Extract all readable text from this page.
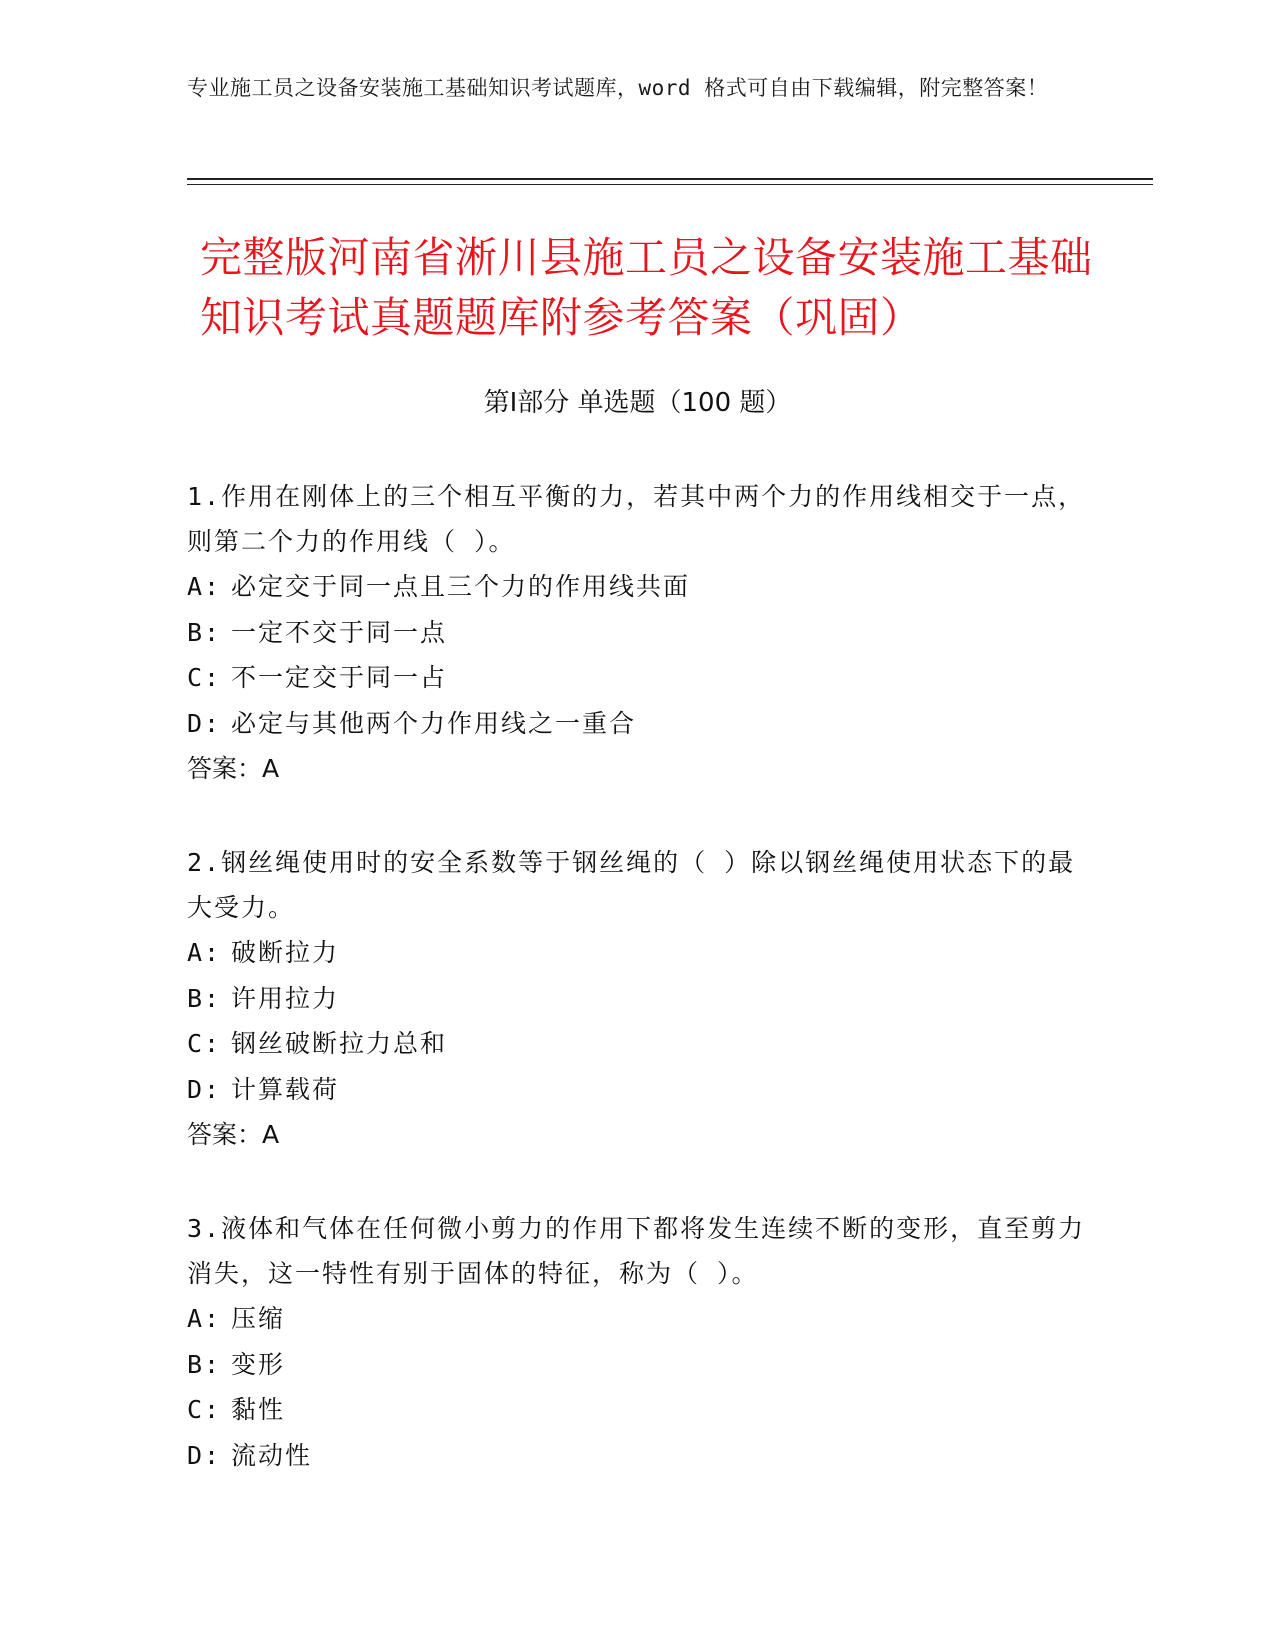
专业施工员之设备安装施工基础知识考试题库，word 格式可自由下载编辑，附完整答案！
完整版河南省淅川县施工员之设备安装施工基础知识考试真题题库附参考答案（巩固）
第Ⅰ部分 单选题（100 题）

1.作用在刚体上的三个相互平衡的力，若其中两个力的作用线相交于一点，则第二个力的作用线（ ）。

A: 必定交于同一点且三个力的作用线共面

B: 一定不交于同一点

C: 不一定交于同一占

D: 必定与其他两个力作用线之一重合

答案：A

2.钢丝绳使用时的安全系数等于钢丝绳的（ ）除以钢丝绳使用状态下的最大受力。

A: 破断拉力

B: 许用拉力

C: 钢丝破断拉力总和

D: 计算载荷

答案：A

3.液体和气体在任何微小剪力的作用下都将发生连续不断的变形，直至剪力消失，这一特性有别于固体的特征，称为（ ）。

A: 压缩

B: 变形

C: 黏性

D: 流动性
